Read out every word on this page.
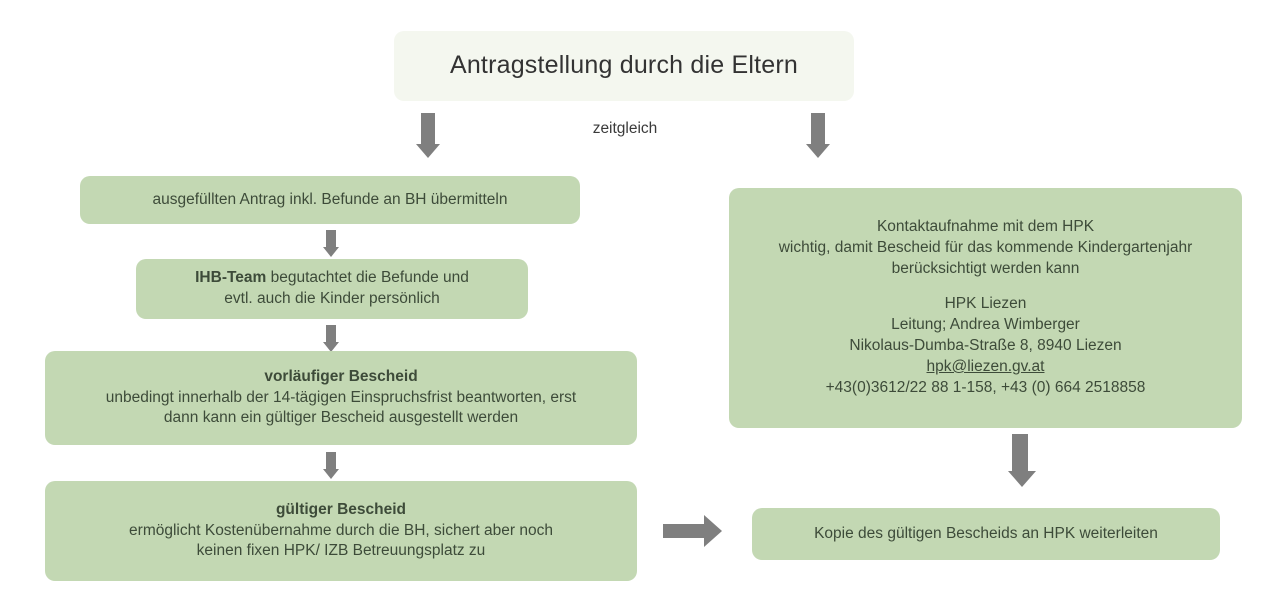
Antragstellung durch die Eltern
zeitgleich
ausgefüllten Antrag inkl. Befunde an BH übermitteln
IHB-Team begutachtet die Befunde und
evtl. auch die Kinder persönlich
vorläufiger Bescheid
unbedingt innerhalb der 14-tägigen Einspruchsfrist beantworten, erst
dann kann ein gültiger Bescheid ausgestellt werden
gültiger Bescheid
ermöglicht Kostenübernahme durch die BH, sichert aber noch
keinen fixen HPK/ IZB Betreuungsplatz zu
Kontaktaufnahme mit dem HPK
wichtig, damit Bescheid für das kommende Kindergartenjahr
berücksichtigt werden kann
HPK Liezen
Leitung; Andrea Wimberger
Nikolaus-Dumba-Straße 8, 8940 Liezen
hpk@liezen.gv.at
+43(0)3612/22 88 1-158, +43 (0) 664 2518858
Kopie des gültigen Bescheids an HPK weiterleiten
